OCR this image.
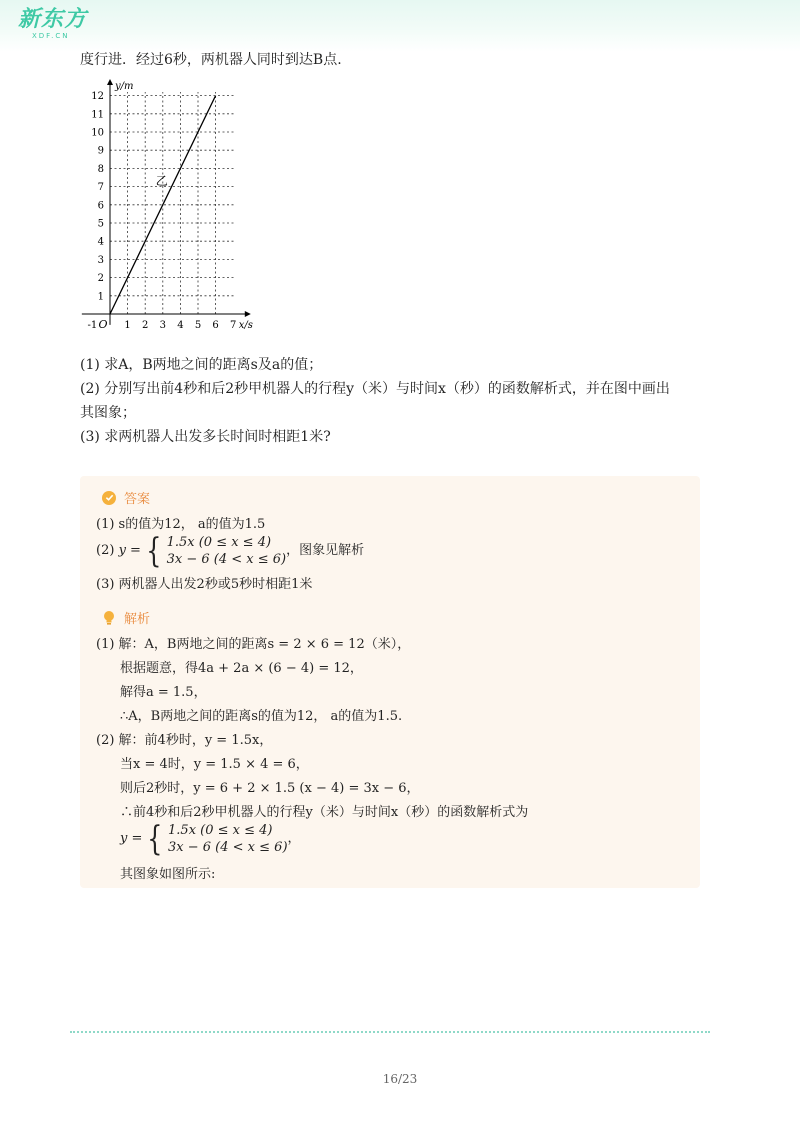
新东方
XDF.CN
度行进．经过6秒，两机器人同时到达B点.
-1	1 2 3 4 5 6 7
1
2
3
4
5
6
7
8
9
10
11
12
O	x/s
y/m
乙
(1) 求A，B两地之间的距离s及a的值；
(2) 分别写出前4秒和后2秒甲机器人的行程y（米）与时间x（秒）的函数解析式，并在图中画出
其图象；
(3) 求两机器人出发多长时间时相距1米?
答案
(1) s的值为12， a的值为1.5
(2)
y = { 1.5x (0 ≤ x ≤ 4)
3x − 6 (4 < x ≤ 6)
，图象见解析
(3) 两机器人出发2秒或5秒时相距1米
解析
(1) 解：A，B两地之间的距离s = 2 × 6 = 12（米），
根据题意，得4a + 2a × (6 − 4) = 12，
解得a = 1.5，
∴A，B两地之间的距离s的值为12， a的值为1.5.
(2) 解：前4秒时，y = 1.5x，
当x = 4时，y = 1.5 × 4 = 6，
则后2秒时，y = 6 + 2 × 1.5 (x − 4) = 3x − 6，
∴前4秒和后2秒甲机器人的行程y（米）与时间x（秒）的函数解析式为
y = { 1.5x (0 ≤ x ≤ 4)
3x − 6 (4 < x ≤ 6)
，
其图象如图所示:
16/23
